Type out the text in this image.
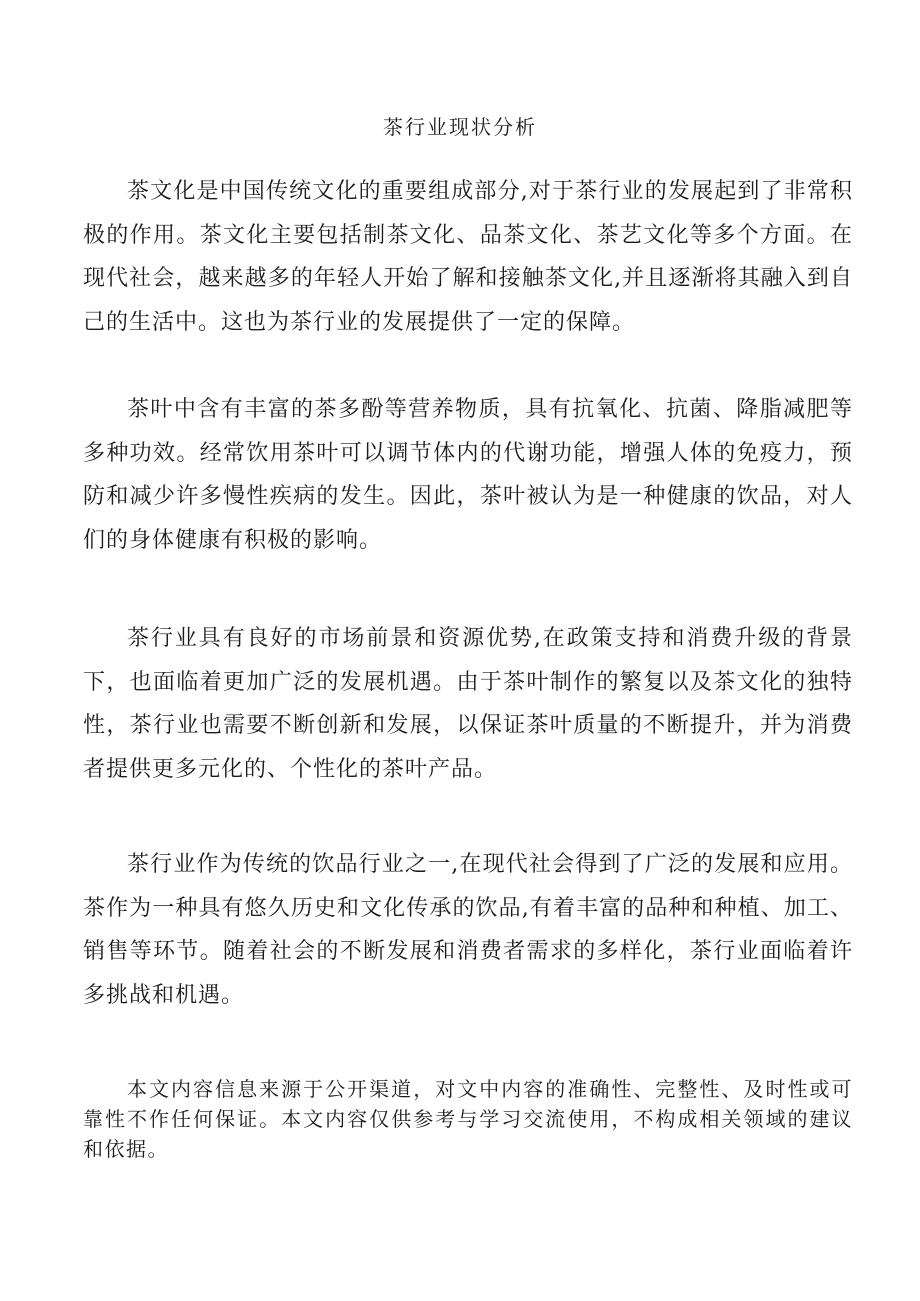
茶行业现状分析

茶文化是中国传统文化的重要组成部分,对于茶行业的发展起到了非常积极的作用。茶文化主要包括制茶文化、品茶文化、茶艺文化等多个方面。在现代社会，越来越多的年轻人开始了解和接触茶文化,并且逐渐将其融入到自己的生活中。这也为茶行业的发展提供了一定的保障。

茶叶中含有丰富的茶多酚等营养物质，具有抗氧化、抗菌、降脂减肥等多种功效。经常饮用茶叶可以调节体内的代谢功能，增强人体的免疫力，预防和减少许多慢性疾病的发生。因此，茶叶被认为是一种健康的饮品，对人们的身体健康有积极的影响。

茶行业具有良好的市场前景和资源优势,在政策支持和消费升级的背景下，也面临着更加广泛的发展机遇。由于茶叶制作的繁复以及茶文化的独特性，茶行业也需要不断创新和发展，以保证茶叶质量的不断提升，并为消费者提供更多元化的、个性化的茶叶产品。

茶行业作为传统的饮品行业之一,在现代社会得到了广泛的发展和应用。茶作为一种具有悠久历史和文化传承的饮品,有着丰富的品种和种植、加工、销售等环节。随着社会的不断发展和消费者需求的多样化，茶行业面临着许多挑战和机遇。

本文内容信息来源于公开渠道，对文中内容的准确性、完整性、及时性或可靠性不作任何保证。本文内容仅供参考与学习交流使用，不构成相关领域的建议和依据。
